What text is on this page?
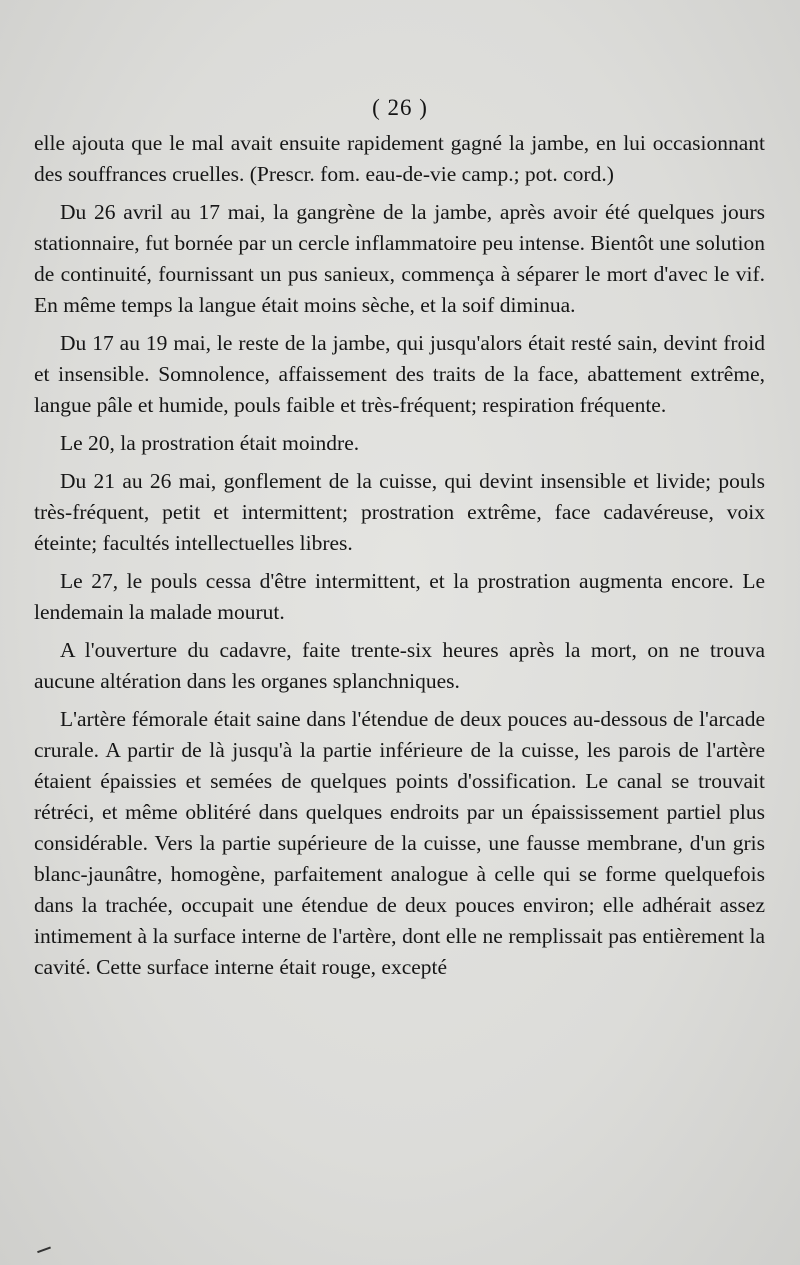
( 26 )

elle ajouta que le mal avait ensuite rapidement gagné la jambe, en lui occasionnant des souffrances cruelles. (Prescr. fom. eau-de-vie camp.; pot. cord.)

Du 26 avril au 17 mai, la gangrène de la jambe, après avoir été quelques jours stationnaire, fut bornée par un cercle inflammatoire peu intense. Bientôt une solution de continuité, fournissant un pus sanieux, commença à séparer le mort d'avec le vif. En même temps la langue était moins sèche, et la soif diminua.

Du 17 au 19 mai, le reste de la jambe, qui jusqu'alors était resté sain, devint froid et insensible. Somnolence, affaissement des traits de la face, abattement extrême, langue pâle et humide, pouls faible et très-fréquent; respiration fréquente.

Le 20, la prostration était moindre.

Du 21 au 26 mai, gonflement de la cuisse, qui devint insensible et livide; pouls très-fréquent, petit et intermittent; prostration extrême, face cadavéreuse, voix éteinte; facultés intellectuelles libres.

Le 27, le pouls cessa d'être intermittent, et la prostration augmenta encore. Le lendemain la malade mourut.

A l'ouverture du cadavre, faite trente-six heures après la mort, on ne trouva aucune altération dans les organes splanchniques.

L'artère fémorale était saine dans l'étendue de deux pouces au-dessous de l'arcade crurale. A partir de là jusqu'à la partie inférieure de la cuisse, les parois de l'artère étaient épaissies et semées de quelques points d'ossification. Le canal se trouvait rétréci, et même oblitéré dans quelques endroits par un épaississement partiel plus considérable. Vers la partie supérieure de la cuisse, une fausse membrane, d'un gris blanc-jaunâtre, homogène, parfaitement analogue à celle qui se forme quelquefois dans la trachée, occupait une étendue de deux pouces environ; elle adhérait assez intimement à la surface interne de l'artère, dont elle ne remplissait pas entièrement la cavité. Cette surface interne était rouge, excepté
